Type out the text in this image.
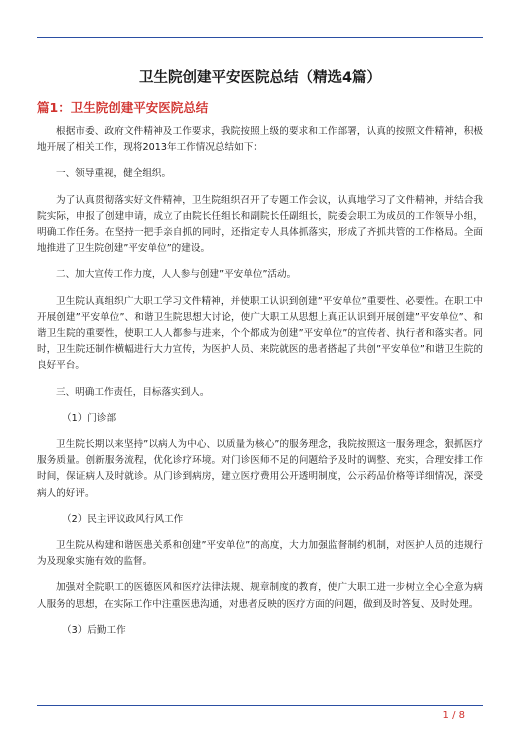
卫生院创建平安医院总结（精选4篇）
篇1：卫生院创建平安医院总结

根据市委、政府文件精神及工作要求，我院按照上级的要求和工作部署，认真的按照文件精神，积极地开展了相关工作，现将2013年工作情况总结如下：

一、领导重视，健全组织。

为了认真贯彻落实好文件精神，卫生院组织召开了专题工作会议，认真地学习了文件精神，并结合我院实际，申报了创建申请，成立了由院长任组长和副院长任副组长，院委会职工为成员的工作领导小组，明确工作任务。在坚持一把手亲自抓的同时，还指定专人具体抓落实，形成了齐抓共管的工作格局。全面地推进了卫生院创建”平安单位”的建设。

二、加大宣传工作力度，人人参与创建”平安单位”活动。

卫生院认真组织广大职工学习文件精神，并使职工认识到创建”平安单位”重要性、必要性。在职工中开展创建”平安单位”、和谐卫生院思想大讨论，使广大职工从思想上真正认识到开展创建”平安单位”、和谐卫生院的重要性，使职工人人都参与进来，个个都成为创建”平安单位”的宣传者、执行者和落实者。同时，卫生院还制作横幅进行大力宣传，为医护人员、来院就医的患者搭起了共创”平安单位”和谐卫生院的良好平台。

三、明确工作责任，目标落实到人。

（1）门诊部

卫生院长期以来坚持”以病人为中心、以质量为核心”的服务理念，我院按照这一服务理念，狠抓医疗服务质量。创新服务流程，优化诊疗环境。对门诊医师不足的问题给予及时的调整、充实，合理安排工作时间，保证病人及时就诊。从门诊到病房，建立医疗费用公开透明制度，公示药品价格等详细情况，深受病人的好评。

（2）民主评议政风行风工作

卫生院从构建和谐医患关系和创建”平安单位”的高度，大力加强监督制约机制，对医护人员的违规行为及现象实施有效的监督。

加强对全院职工的医德医风和医疗法律法规、规章制度的教育，使广大职工进一步树立全心全意为病人服务的思想，在实际工作中注重医患沟通，对患者反映的医疗方面的问题，做到及时答复、及时处理。

（3）后勤工作

1 / 8
